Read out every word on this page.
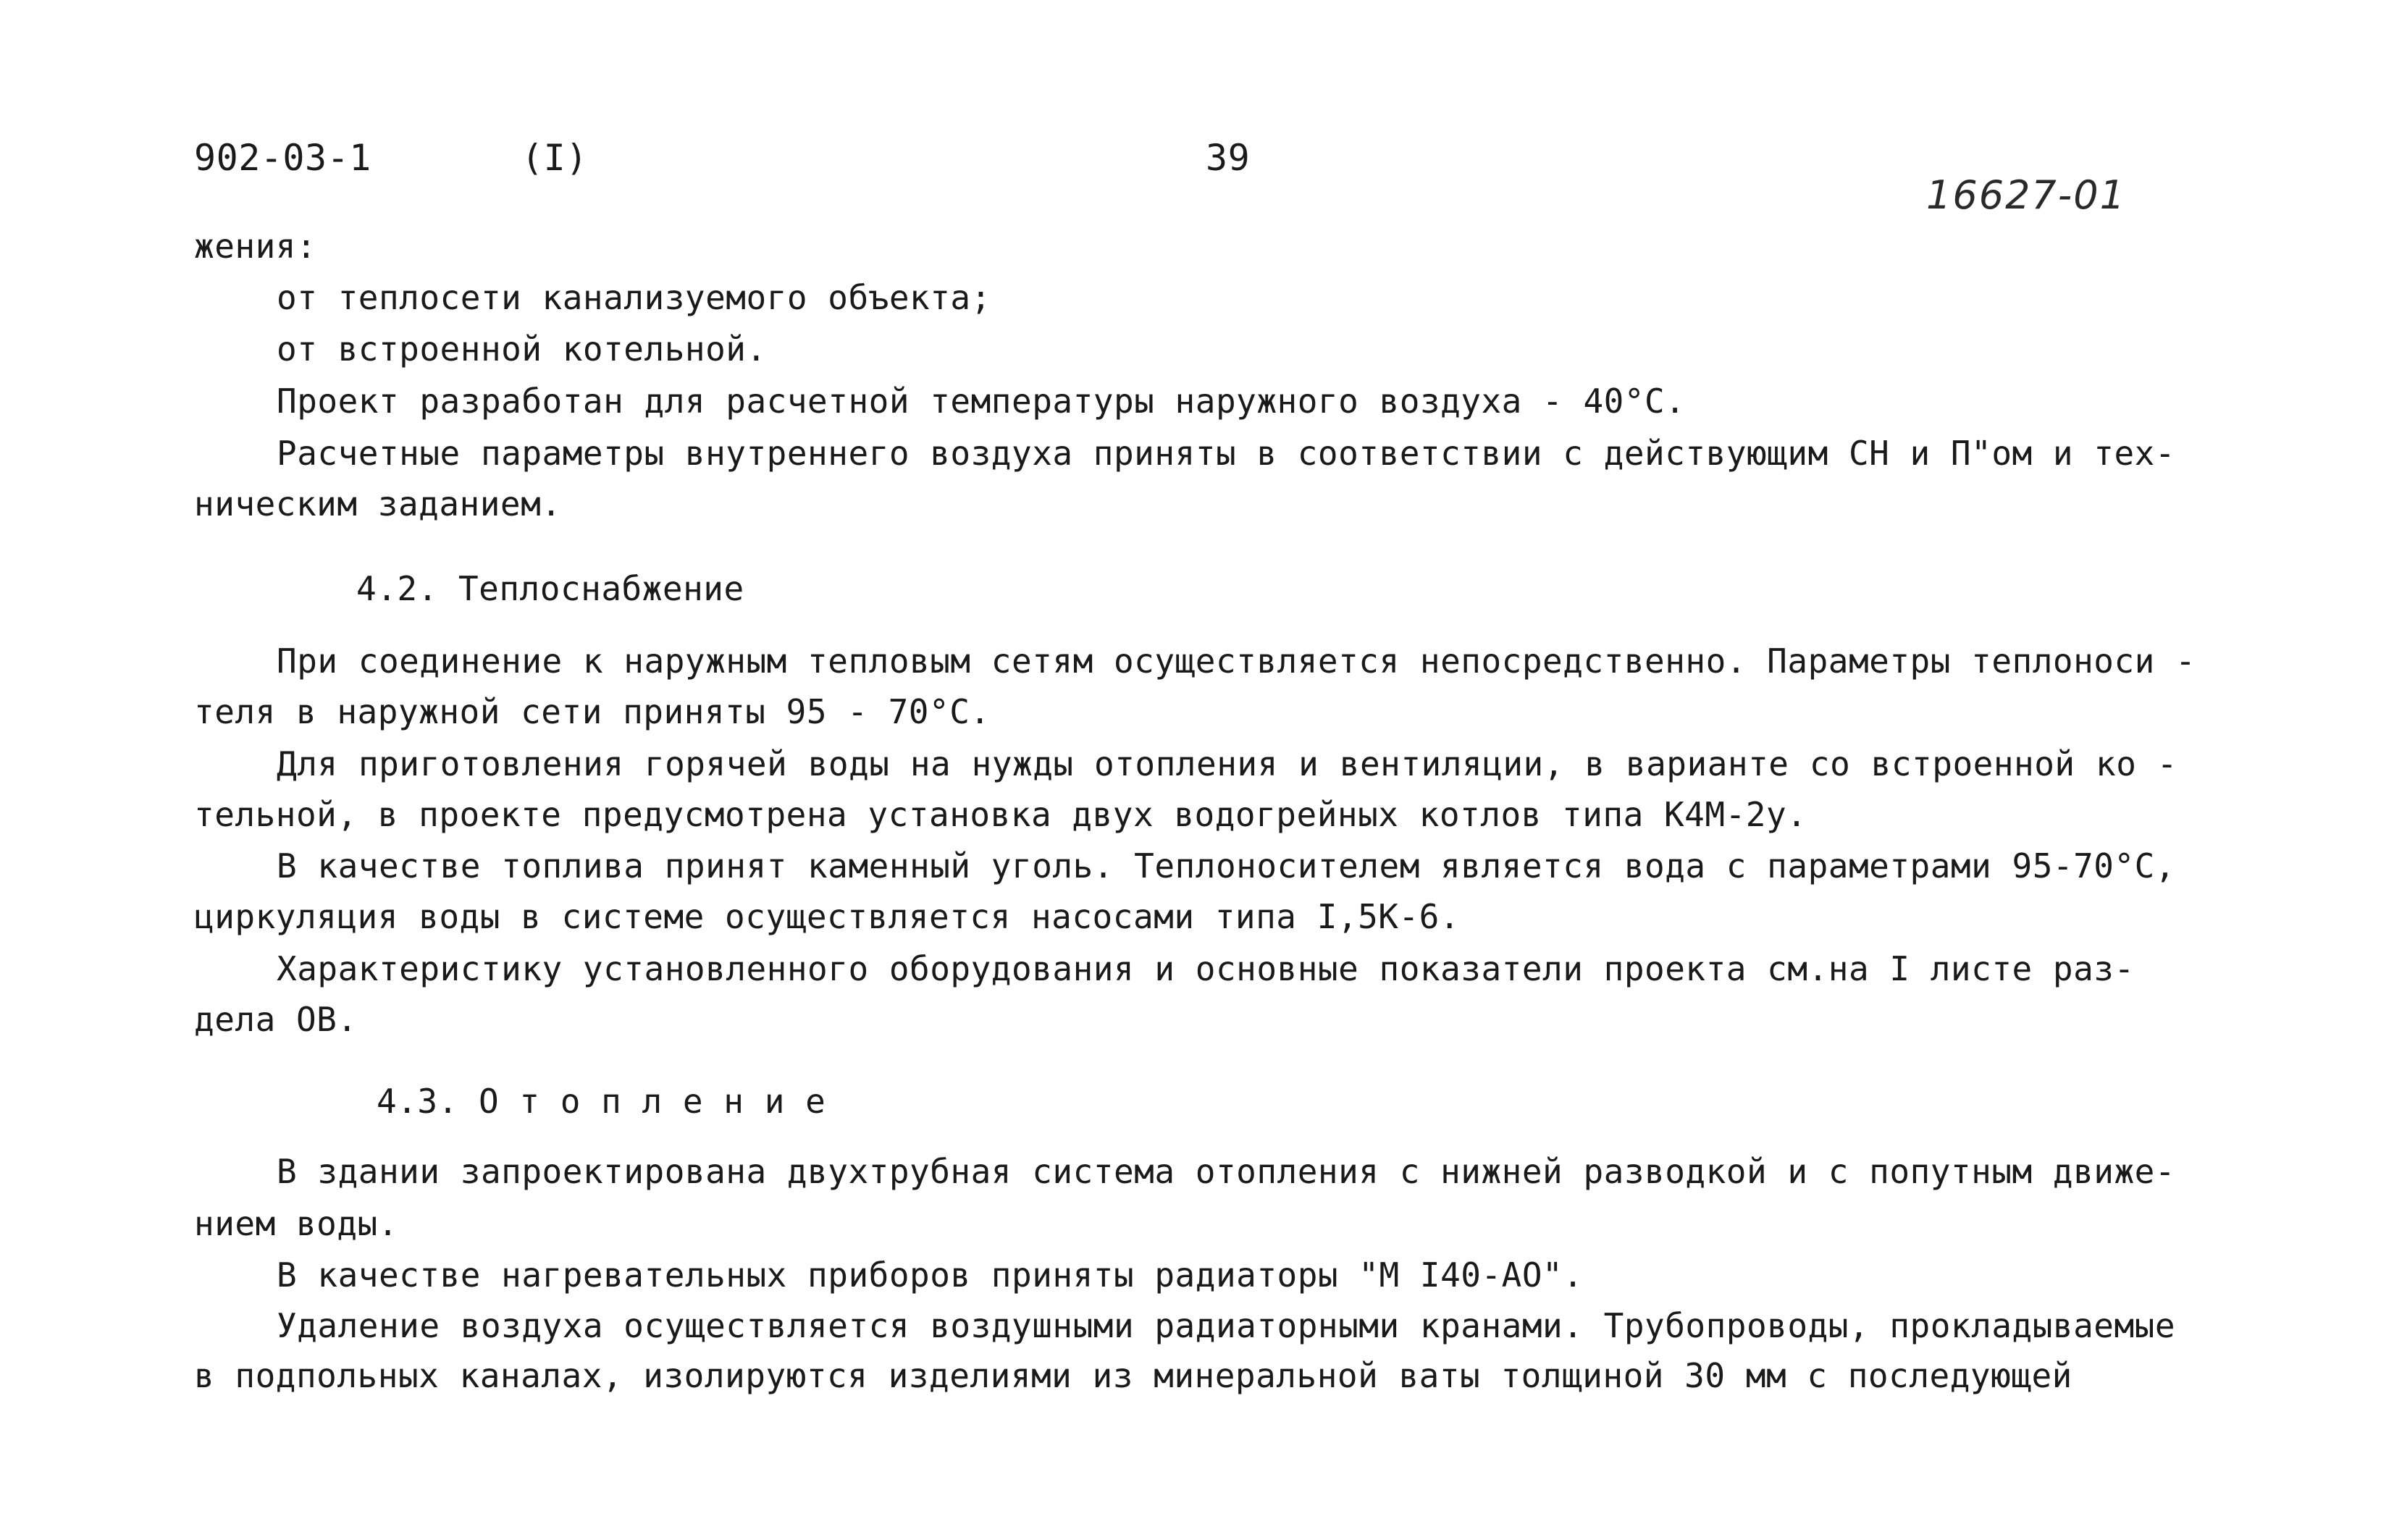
902-03-1	(I)	39
16627-01
жения:
от теплосети канализуемого объекта;
от встроенной котельной.
Проект разработан для расчетной температуры наружного воздуха - 40°С.
Расчетные параметры внутреннего воздуха приняты в соответствии с действующим СН и П"ом и тех-
ническим заданием.
4.2. Теплоснабжение
При соединение к наружным тепловым сетям осуществляется непосредственно. Параметры теплоноси -
теля в наружной сети приняты 95 - 70°С.
Для приготовления горячей воды на нужды отопления и вентиляции, в варианте со встроенной ко -
тельной, в проекте предусмотрена установка двух водогрейных котлов типа К4М-2у.
В качестве топлива принят каменный уголь. Теплоносителем является вода с параметрами 95-70°С,
циркуляция воды в системе осуществляется насосами типа I,5К-6.
Характеристику установленного оборудования и основные показатели проекта см.на I листе раз-
дела ОВ.
4.3. О т о п л е н и е
В здании запроектирована двухтрубная система отопления с нижней разводкой и с попутным движе-
нием воды.
В качестве нагревательных приборов приняты радиаторы "М I40-АО".
Удаление воздуха осуществляется воздушными радиаторными кранами. Трубопроводы, прокладываемые
в подпольных каналах, изолируются изделиями из минеральной ваты толщиной 30 мм с последующей
